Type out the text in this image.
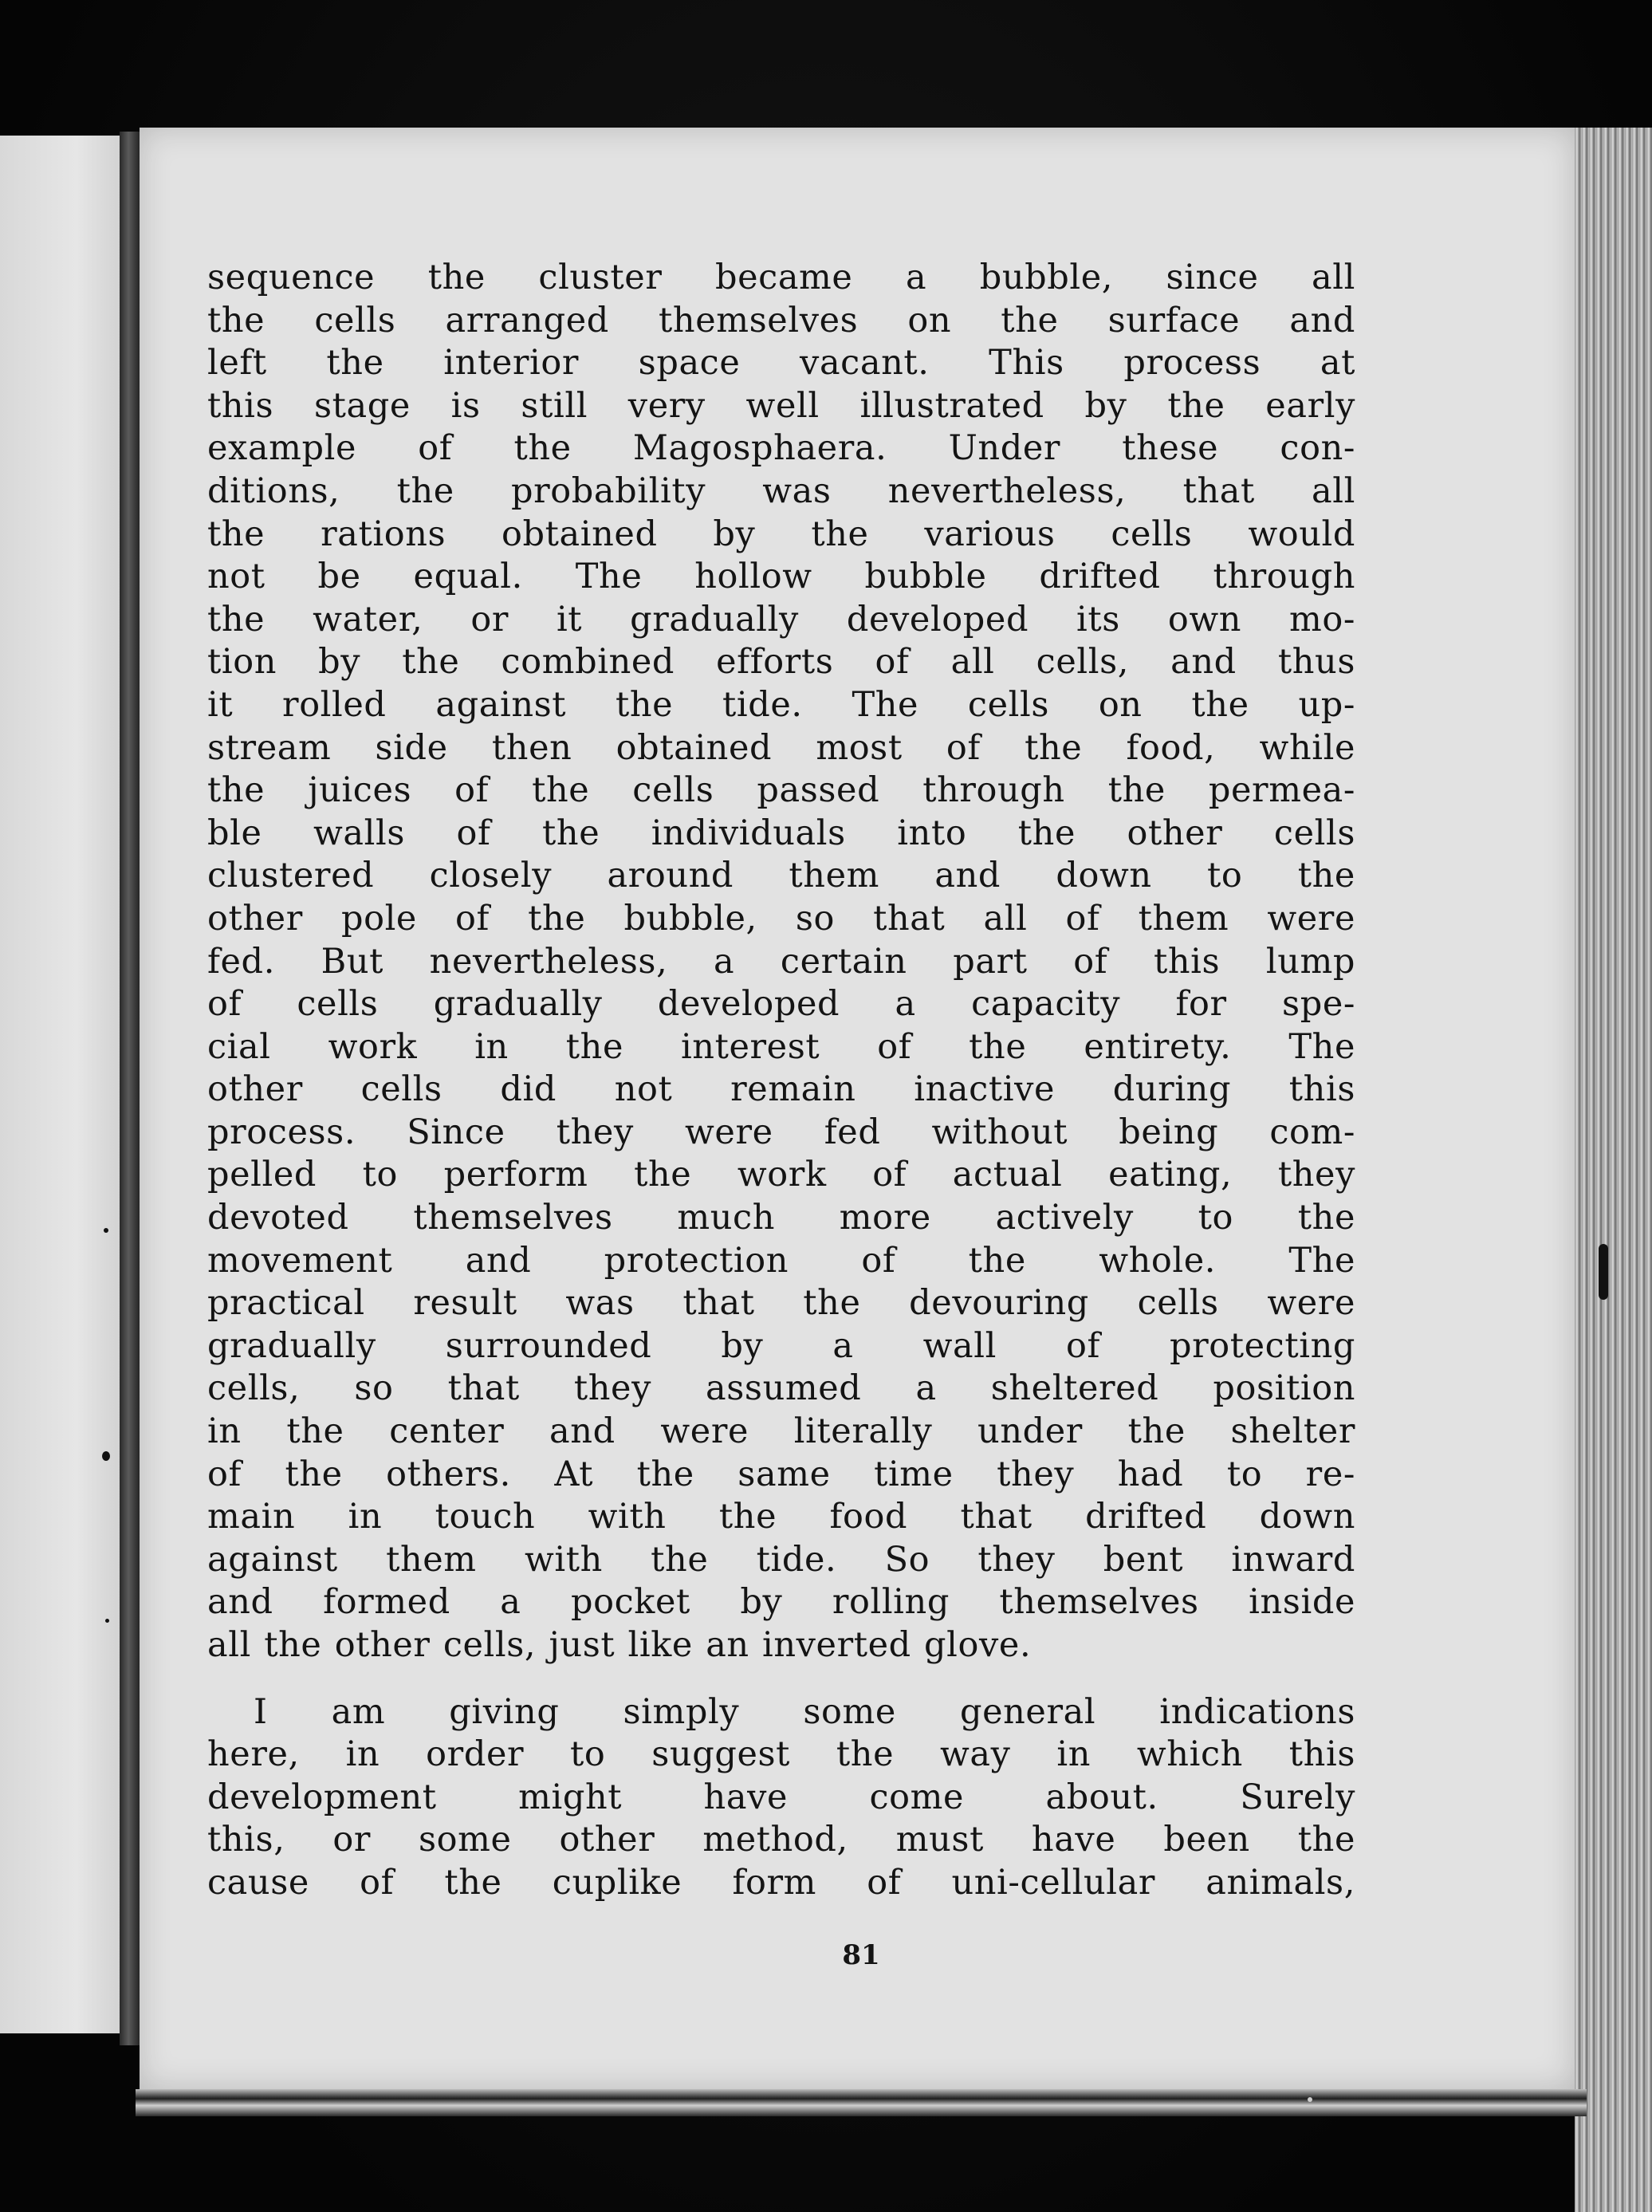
sequence the cluster became a bubble, since all
the cells arranged themselves on the surface and
left the interior space vacant. This process at
this stage is still very well illustrated by the early
example of the Magosphaera. Under these con-
ditions, the probability was nevertheless, that all
the rations obtained by the various cells would
not be equal. The hollow bubble drifted through
the water, or it gradually developed its own mo-
tion by the combined efforts of all cells, and thus
it rolled against the tide. The cells on the up-
stream side then obtained most of the food, while
the juices of the cells passed through the permea-
ble walls of the individuals into the other cells
clustered closely around them and down to the
other pole of the bubble, so that all of them were
fed. But nevertheless, a certain part of this lump
of cells gradually developed a capacity for spe-
cial work in the interest of the entirety. The
other cells did not remain inactive during this
process. Since they were fed without being com-
pelled to perform the work of actual eating, they
devoted themselves much more actively to the
movement and protection of the whole. The
practical result was that the devouring cells were
gradually surrounded by a wall of protecting
cells, so that they assumed a sheltered position
in the center and were literally under the shelter
of the others. At the same time they had to re-
main in touch with the food that drifted down
against them with the tide. So they bent inward
and formed a pocket by rolling themselves inside
all the other cells, just like an inverted glove.
I am giving simply some general indications
here, in order to suggest the way in which this
development might have come about. Surely
this, or some other method, must have been the
cause of the cuplike form of uni-cellular animals,
81
